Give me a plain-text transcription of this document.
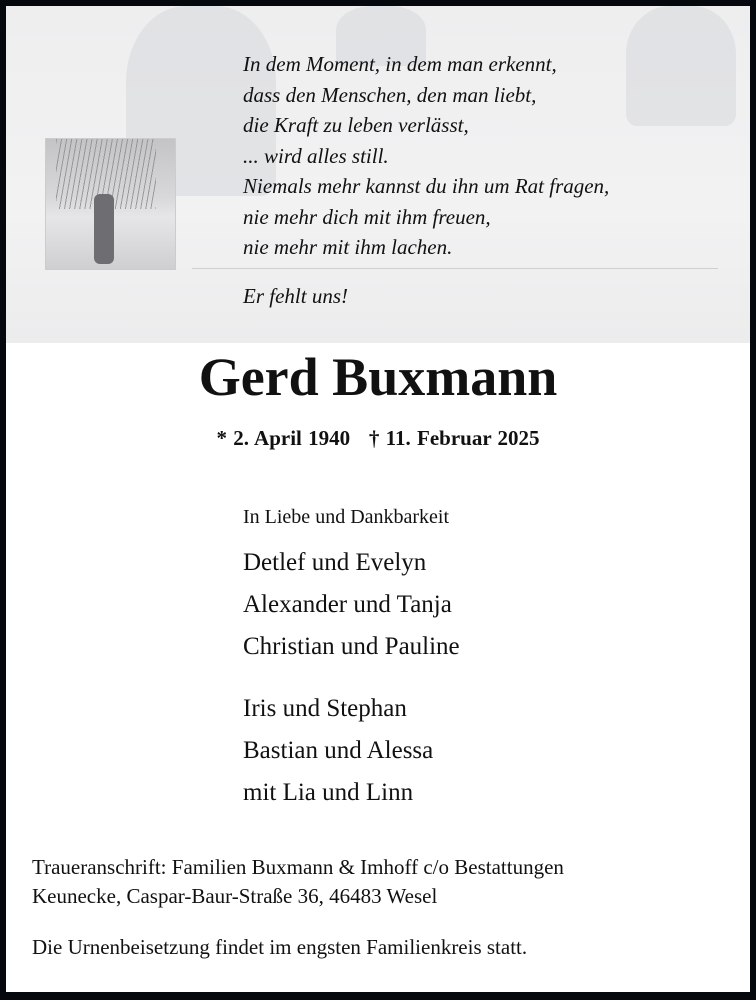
In dem Moment, in dem man erkennt,
dass den Menschen, den man liebt,
die Kraft zu leben verlässt,
... wird alles still.
Niemals mehr kannst du ihn um Rat fragen,
nie mehr dich mit ihm freuen,
nie mehr mit ihm lachen.
Er fehlt uns!
Gerd Buxmann
* 2. April 1940 † 11. Februar 2025
In Liebe und Dankbarkeit
Detlef und Evelyn
Alexander und Tanja
Christian und Pauline
Iris und Stephan
Bastian und Alessa
mit Lia und Linn
Traueranschrift: Familien Buxmann & Imhoff c/o Bestattungen
Keunecke, Caspar-Baur-Straße 36, 46483 Wesel
Die Urnenbeisetzung findet im engsten Familienkreis statt.
